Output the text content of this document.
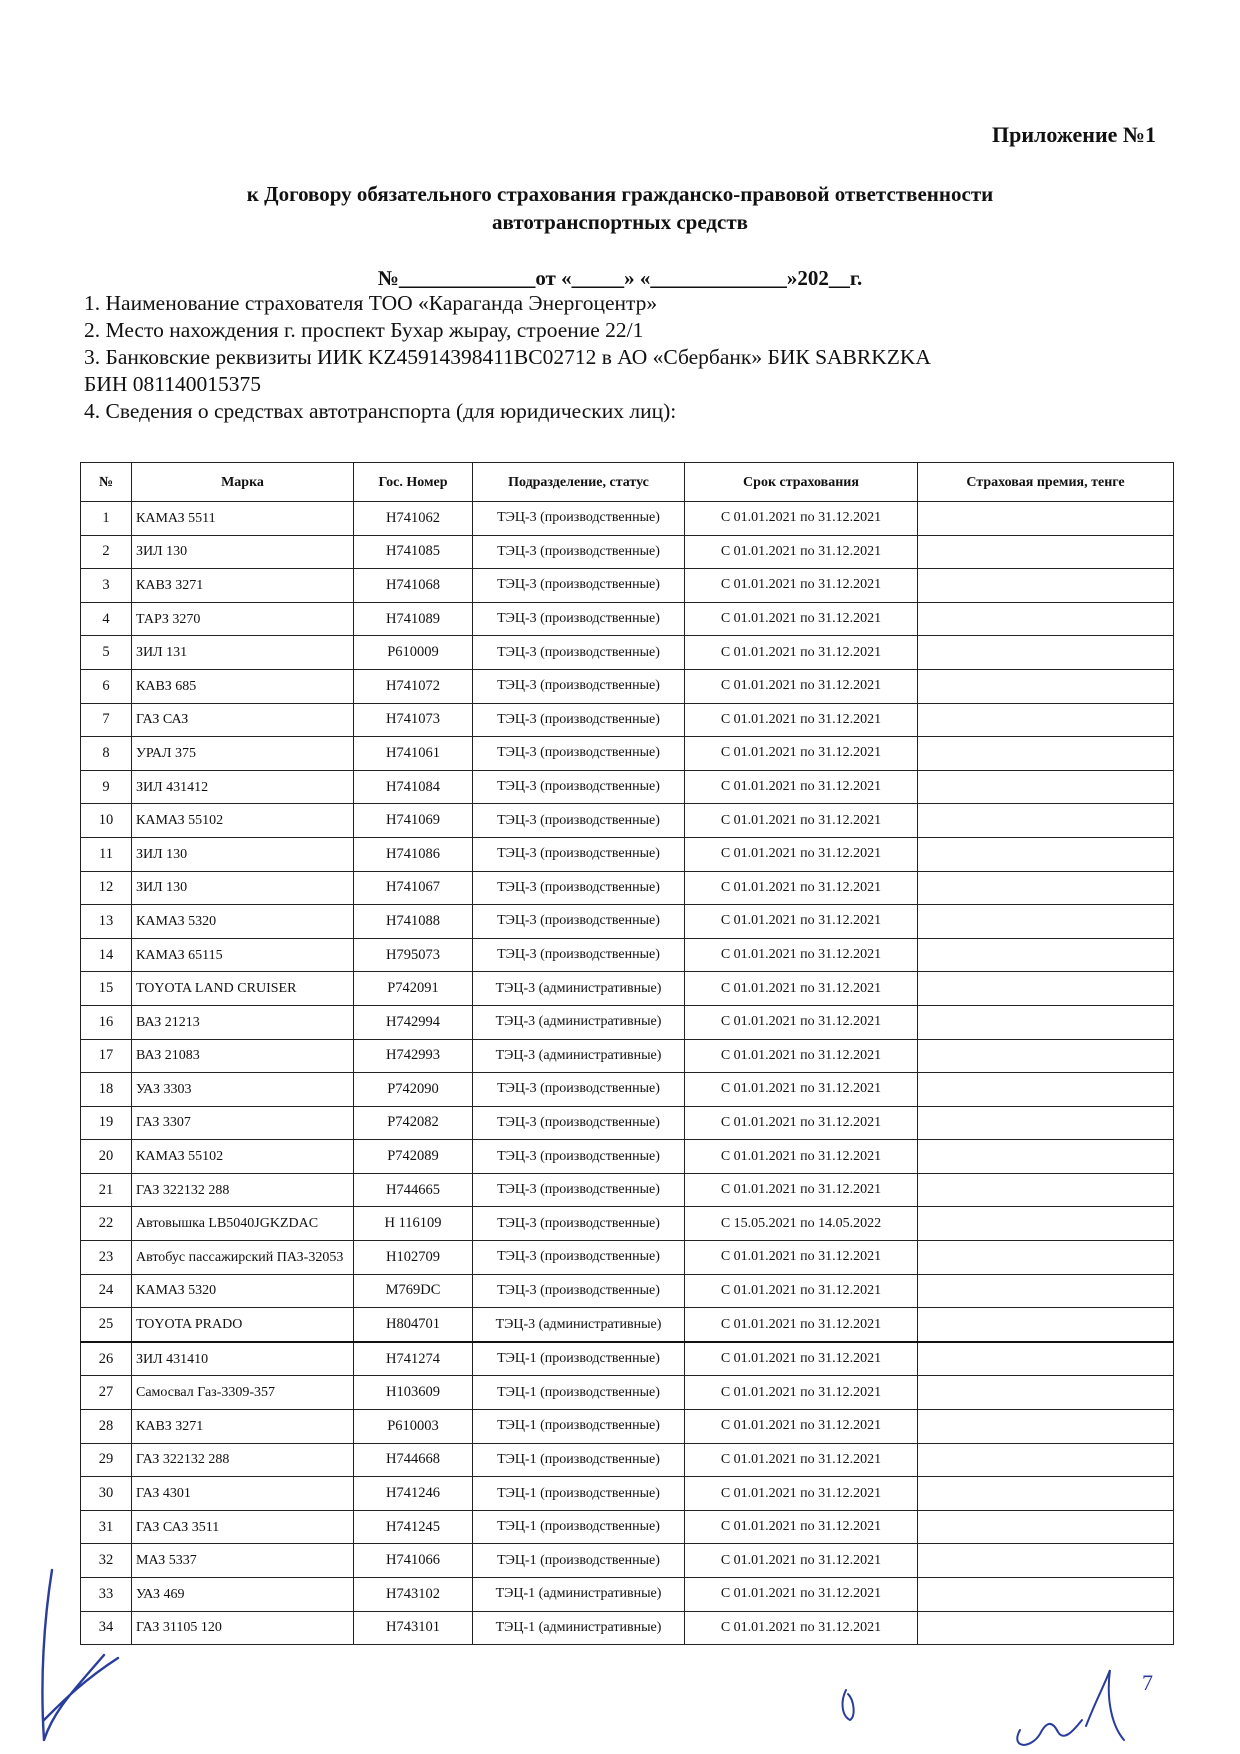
Приложение №1
к Договору обязательного страхования гражданско-правовой ответственности
автотранспортных средств
№_____________от «_____» «_____________»202__г.
1. Наименование страхователя ТОО «Караганда Энергоцентр»
2. Место нахождения г. проспект Бухар жырау, строение 22/1
3. Банковские реквизиты ИИК KZ45914398411BC02712 в АО «Сбербанк» БИК SABRKZKA
БИН 081140015375
4. Сведения о средствах автотранспорта (для юридических лиц):
№	Марка	Гос. Номер	Подразделение, статус	Срок страхования	Страховая премия, тенге
1	КАМАЗ 5511	Н741062	ТЭЦ-3 (производственные)	С 01.01.2021 по 31.12.2021	
2	ЗИЛ 130	Н741085	ТЭЦ-3 (производственные)	С 01.01.2021 по 31.12.2021	
3	КАВЗ 3271	Н741068	ТЭЦ-3 (производственные)	С 01.01.2021 по 31.12.2021	
4	ТАРЗ 3270	Н741089	ТЭЦ-3 (производственные)	С 01.01.2021 по 31.12.2021	
5	ЗИЛ 131	Р610009	ТЭЦ-3 (производственные)	С 01.01.2021 по 31.12.2021	
6	КАВЗ 685	Н741072	ТЭЦ-3 (производственные)	С 01.01.2021 по 31.12.2021	
7	ГАЗ САЗ	Н741073	ТЭЦ-3 (производственные)	С 01.01.2021 по 31.12.2021	
8	УРАЛ 375	Н741061	ТЭЦ-3 (производственные)	С 01.01.2021 по 31.12.2021	
9	ЗИЛ 431412	Н741084	ТЭЦ-3 (производственные)	С 01.01.2021 по 31.12.2021	
10	КАМАЗ 55102	Н741069	ТЭЦ-3 (производственные)	С 01.01.2021 по 31.12.2021	
11	ЗИЛ 130	Н741086	ТЭЦ-3 (производственные)	С 01.01.2021 по 31.12.2021	
12	ЗИЛ 130	Н741067	ТЭЦ-3 (производственные)	С 01.01.2021 по 31.12.2021	
13	КАМАЗ 5320	Н741088	ТЭЦ-3 (производственные)	С 01.01.2021 по 31.12.2021	
14	КАМАЗ 65115	Н795073	ТЭЦ-3 (производственные)	С 01.01.2021 по 31.12.2021	
15	TOYOTA LAND CRUISER	Р742091	ТЭЦ-3 (административные)	С 01.01.2021 по 31.12.2021	
16	ВАЗ 21213	Н742994	ТЭЦ-3 (административные)	С 01.01.2021 по 31.12.2021	
17	ВАЗ 21083	Н742993	ТЭЦ-3 (административные)	С 01.01.2021 по 31.12.2021	
18	УАЗ 3303	Р742090	ТЭЦ-3 (производственные)	С 01.01.2021 по 31.12.2021	
19	ГАЗ 3307	Р742082	ТЭЦ-3 (производственные)	С 01.01.2021 по 31.12.2021	
20	КАМАЗ 55102	Р742089	ТЭЦ-3 (производственные)	С 01.01.2021 по 31.12.2021	
21	ГАЗ 322132 288	Н744665	ТЭЦ-3 (производственные)	С 01.01.2021 по 31.12.2021	
22	Автовышка LB5040JGKZDAC	Н 116109	ТЭЦ-3 (производственные)	С 15.05.2021 по 14.05.2022	
23	Автобус пассажирский ПАЗ-32053	Н102709	ТЭЦ-3 (производственные)	С 01.01.2021 по 31.12.2021	
24	КАМАЗ 5320	М769DC	ТЭЦ-3 (производственные)	С 01.01.2021 по 31.12.2021	
25	TOYOTA PRADO	Н804701	ТЭЦ-3 (административные)	С 01.01.2021 по 31.12.2021	
26	ЗИЛ 431410	Н741274	ТЭЦ-1 (производственные)	С 01.01.2021 по 31.12.2021	
27	Самосвал Газ-3309-357	Н103609	ТЭЦ-1 (производственные)	С 01.01.2021 по 31.12.2021	
28	КАВЗ 3271	Р610003	ТЭЦ-1 (производственные)	С 01.01.2021 по 31.12.2021	
29	ГАЗ 322132 288	Н744668	ТЭЦ-1 (производственные)	С 01.01.2021 по 31.12.2021	
30	ГАЗ 4301	Н741246	ТЭЦ-1 (производственные)	С 01.01.2021 по 31.12.2021	
31	ГАЗ САЗ 3511	Н741245	ТЭЦ-1 (производственные)	С 01.01.2021 по 31.12.2021	
32	МАЗ 5337	Н741066	ТЭЦ-1 (производственные)	С 01.01.2021 по 31.12.2021	
33	УАЗ 469	Н743102	ТЭЦ-1 (административные)	С 01.01.2021 по 31.12.2021	
34	ГАЗ 31105 120	Н743101	ТЭЦ-1 (административные)	С 01.01.2021 по 31.12.2021	
7
